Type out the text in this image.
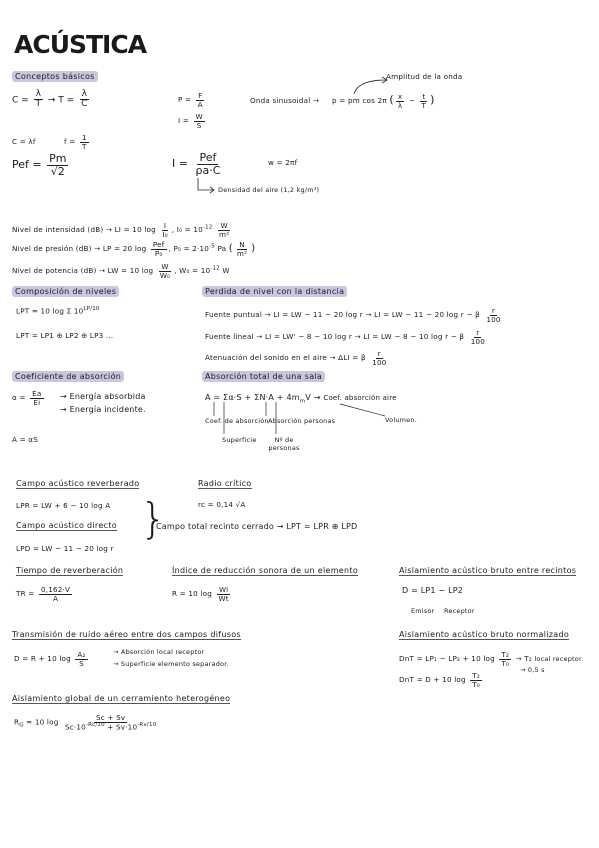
ACÚSTICA
Conceptos básicos
$C = \frac{\lambda}{T} \to T = \frac{\lambda}{C}$	$P = \frac{F}{A}$
$I = \frac{W}{S}$
Onda sinusoidal → p = pm cos 2π ( $\frac{x}{\lambda} - \frac{t}{T}$ )
Amplitud de la onda
C = λf	$f = \frac{1}{T}$
Pef = $\frac{Pm}{√2}$	$I = \frac{\text{Pef}}{\rho a\cdot C}$	w = 2πf
Densidad del aire (1,2 kg/m³)
Nivel de intensidad (dB) → LI = 10 $\log \frac{I}{\text{I₀}}$ , $I_0 = 10^{-12} \frac{W}{\text{m²}}$
Nivel de presión (dB) → LP = 20 $\log \frac{\text{Pef}}{\text{P₀}}$ , $P_0 = 2\cdot 10^{-5}$ Pa ( $\frac{N}{\text{m²}}$ )
Nivel de potencia (dB) → LW = 10 $\log \frac{W}{\text{W₀}}$ , $W_0 = 10^{-12}$ W
Composición de niveles
LPT = 10 log Σ $10^{LP/10}$
LPT = LP1 ⊕ LP2 ⊕ LP3 ...
Perdida de nivel con la distancia
Fuente puntual → LI = LW − 11 − 20 log r → LI = LW − 11 − 20 log r − β $\frac{r}{100}$
Fuente lineal → LI = LW' − 8 − 10 log r → LI = LW − 8 − 10 log r − β $\frac{r}{100}$
Atenuación del sonido en el aire → ΔLI = β $\frac{r}{100}$
Coeficiente de absorción
$\alpha = \frac{Ea}{Ei}$ → Energía absorbida
→ Energía incidente.
A = αS
Absorción total de una sala
$A = \Sigma\alpha\cdot S + \Sigma N\cdot A + 4m_mV$ → Coef. absorción aire
Coef. de absorción Absorción personas	Volumen.
Superficie	Nº de personas
Campo acústico reverberado	Radio crítico
LPR = LW + 6 − 10 log A	rc = 0,14 √A
Campo acústico directo }
Campo total recinto cerrado → LPT = LPR ⊕ LPD
LPD = LW − 11 − 20 log r
Tiempo de reverberación
TR = $\frac{0,162\cdot V}{A}$
Índice de reducción sonora de un elemento
R = 10 $\log \frac{Wi}{Wt}$
Aislamiento acústico bruto entre recintos
D = LP1 − LP2
Emisor Receptor
Transmisión de ruido aéreo entre dos campos difusos
D = R + 10 $\log \frac{\text{A₂}}{S}$	→ Absorción local receptor
→ Superficie elemento separador.
Aislamiento acústico bruto normalizado
DnT = LP₁ − LP₂ + 10 $\log \frac{\text{T₂}}{\text{T₀}} \to T_2$ local receptor.
→ 0,5 s
DnT = D + 10 $\log \frac{\text{T₂}}{\text{T₀}}$
Aislamiento global de un cerramiento heterogéneo
$R_G = 10$ $\log \frac{Sc + Sv}{Sc\cdot 10^{-Rc/10} + Sv\cdot 10^{-Rv/10}}$
